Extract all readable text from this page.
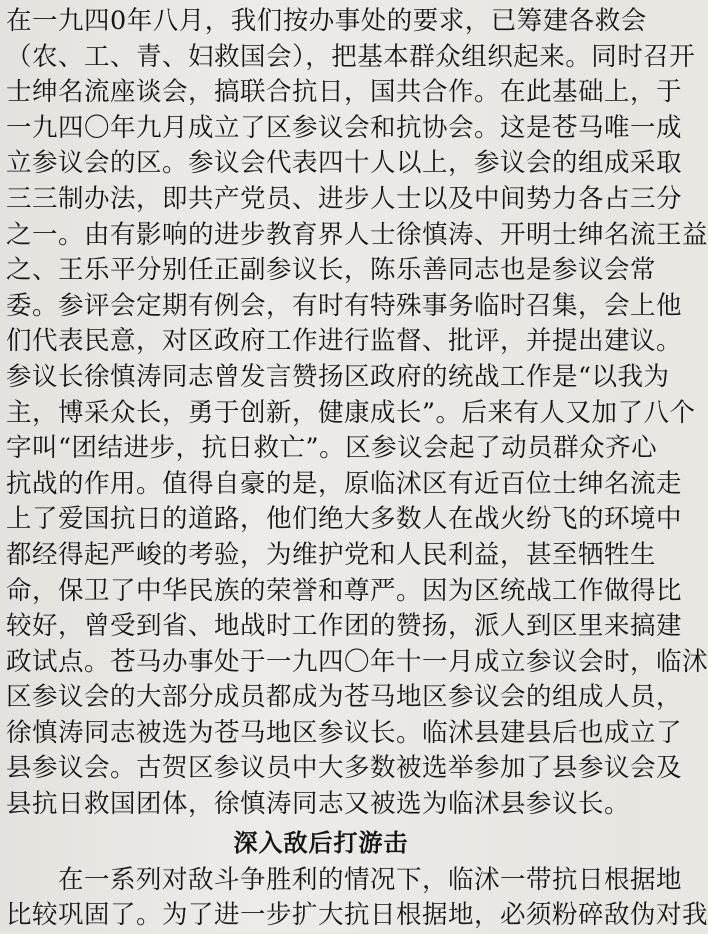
在一九四0年八月，我们按办事处的要求，已筹建各救会
（农、工、青、妇救国会），把基本群众组织起来。同时召开
士绅名流座谈会，搞联合抗日，国共合作。在此基础上，于
一九四〇年九月成立了区参议会和抗协会。这是苍马唯一成
立参议会的区。参议会代表四十人以上，参议会的组成采取
三三制办法，即共产党员、进步人士以及中间势力各占三分
之一。由有影响的进步教育界人士徐慎涛、开明士绅名流王益
之、王乐平分别任正副参议长，陈乐善同志也是参议会常
委。参评会定期有例会，有时有特殊事务临时召集，会上他
们代表民意，对区政府工作进行监督、批评，并提出建议。
参议长徐慎涛同志曾发言赞扬区政府的统战工作是“以我为
主，博采众长，勇于创新，健康成长”。后来有人又加了八个
字叫“团结进步，抗日救亡”。区参议会起了动员群众齐心
抗战的作用。值得自豪的是，原临沭区有近百位士绅名流走
上了爱国抗日的道路，他们绝大多数人在战火纷飞的环境中
都经得起严峻的考验，为维护党和人民利益，甚至牺牲生
命，保卫了中华民族的荣誉和尊严。因为区统战工作做得比
较好，曾受到省、地战时工作团的赞扬，派人到区里来搞建
政试点。苍马办事处于一九四〇年十一月成立参议会时，临沭
区参议会的大部分成员都成为苍马地区参议会的组成人员，
徐慎涛同志被选为苍马地区参议长。临沭县建县后也成立了
县参议会。古贺区参议员中大多数被选举参加了县参议会及
县抗日救国团体，徐慎涛同志又被选为临沭县参议长。
深入敌后打游击
在一系列对敌斗争胜利的情况下，临沭一带抗日根据地
比较巩固了。为了进一步扩大抗日根据地，必须粉碎敌伪对我
